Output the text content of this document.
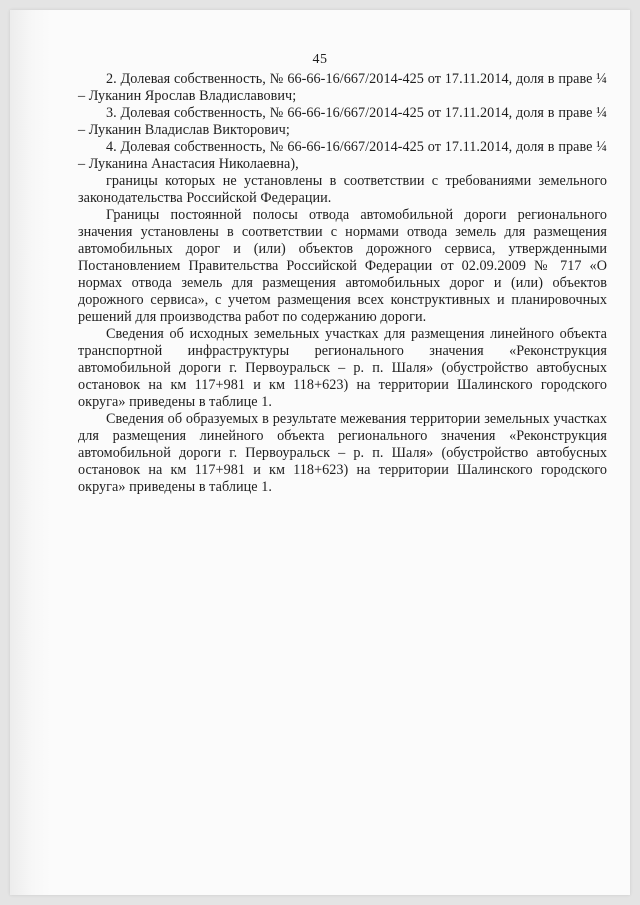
45

2. Долевая собственность, № 66-66-16/667/2014-425 от 17.11.2014, доля в праве ¼ – Луканин Ярослав Владиславович;

3. Долевая собственность, № 66-66-16/667/2014-425 от 17.11.2014, доля в праве ¼ – Луканин Владислав Викторович;

4. Долевая собственность, № 66-66-16/667/2014-425 от 17.11.2014, доля в праве ¼ – Луканина Анастасия Николаевна),

границы которых не установлены в соответствии с требованиями земельного законодательства Российской Федерации.

Границы постоянной полосы отвода автомобильной дороги регионального значения установлены в соответствии с нормами отвода земель для размещения автомобильных дорог и (или) объектов дорожного сервиса, утвержденными Постановлением Правительства Российской Федерации от 02.09.2009 № 717 «О нормах отвода земель для размещения автомобильных дорог и (или) объектов дорожного сервиса», с учетом размещения всех конструктивных и планировочных решений для производства работ по содержанию дороги.

Сведения об исходных земельных участках для размещения линейного объекта транспортной инфраструктуры регионального значения «Реконструкция автомобильной дороги г. Первоуральск – р. п. Шаля» (обустройство автобусных остановок на км 117+981 и км 118+623) на территории Шалинского городского округа» приведены в таблице 1.

Сведения об образуемых в результате межевания территории земельных участках для размещения линейного объекта регионального значения «Реконструкция автомобильной дороги г. Первоуральск – р. п. Шаля» (обустройство автобусных остановок на км 117+981 и км 118+623) на территории Шалинского городского округа» приведены в таблице 1.
